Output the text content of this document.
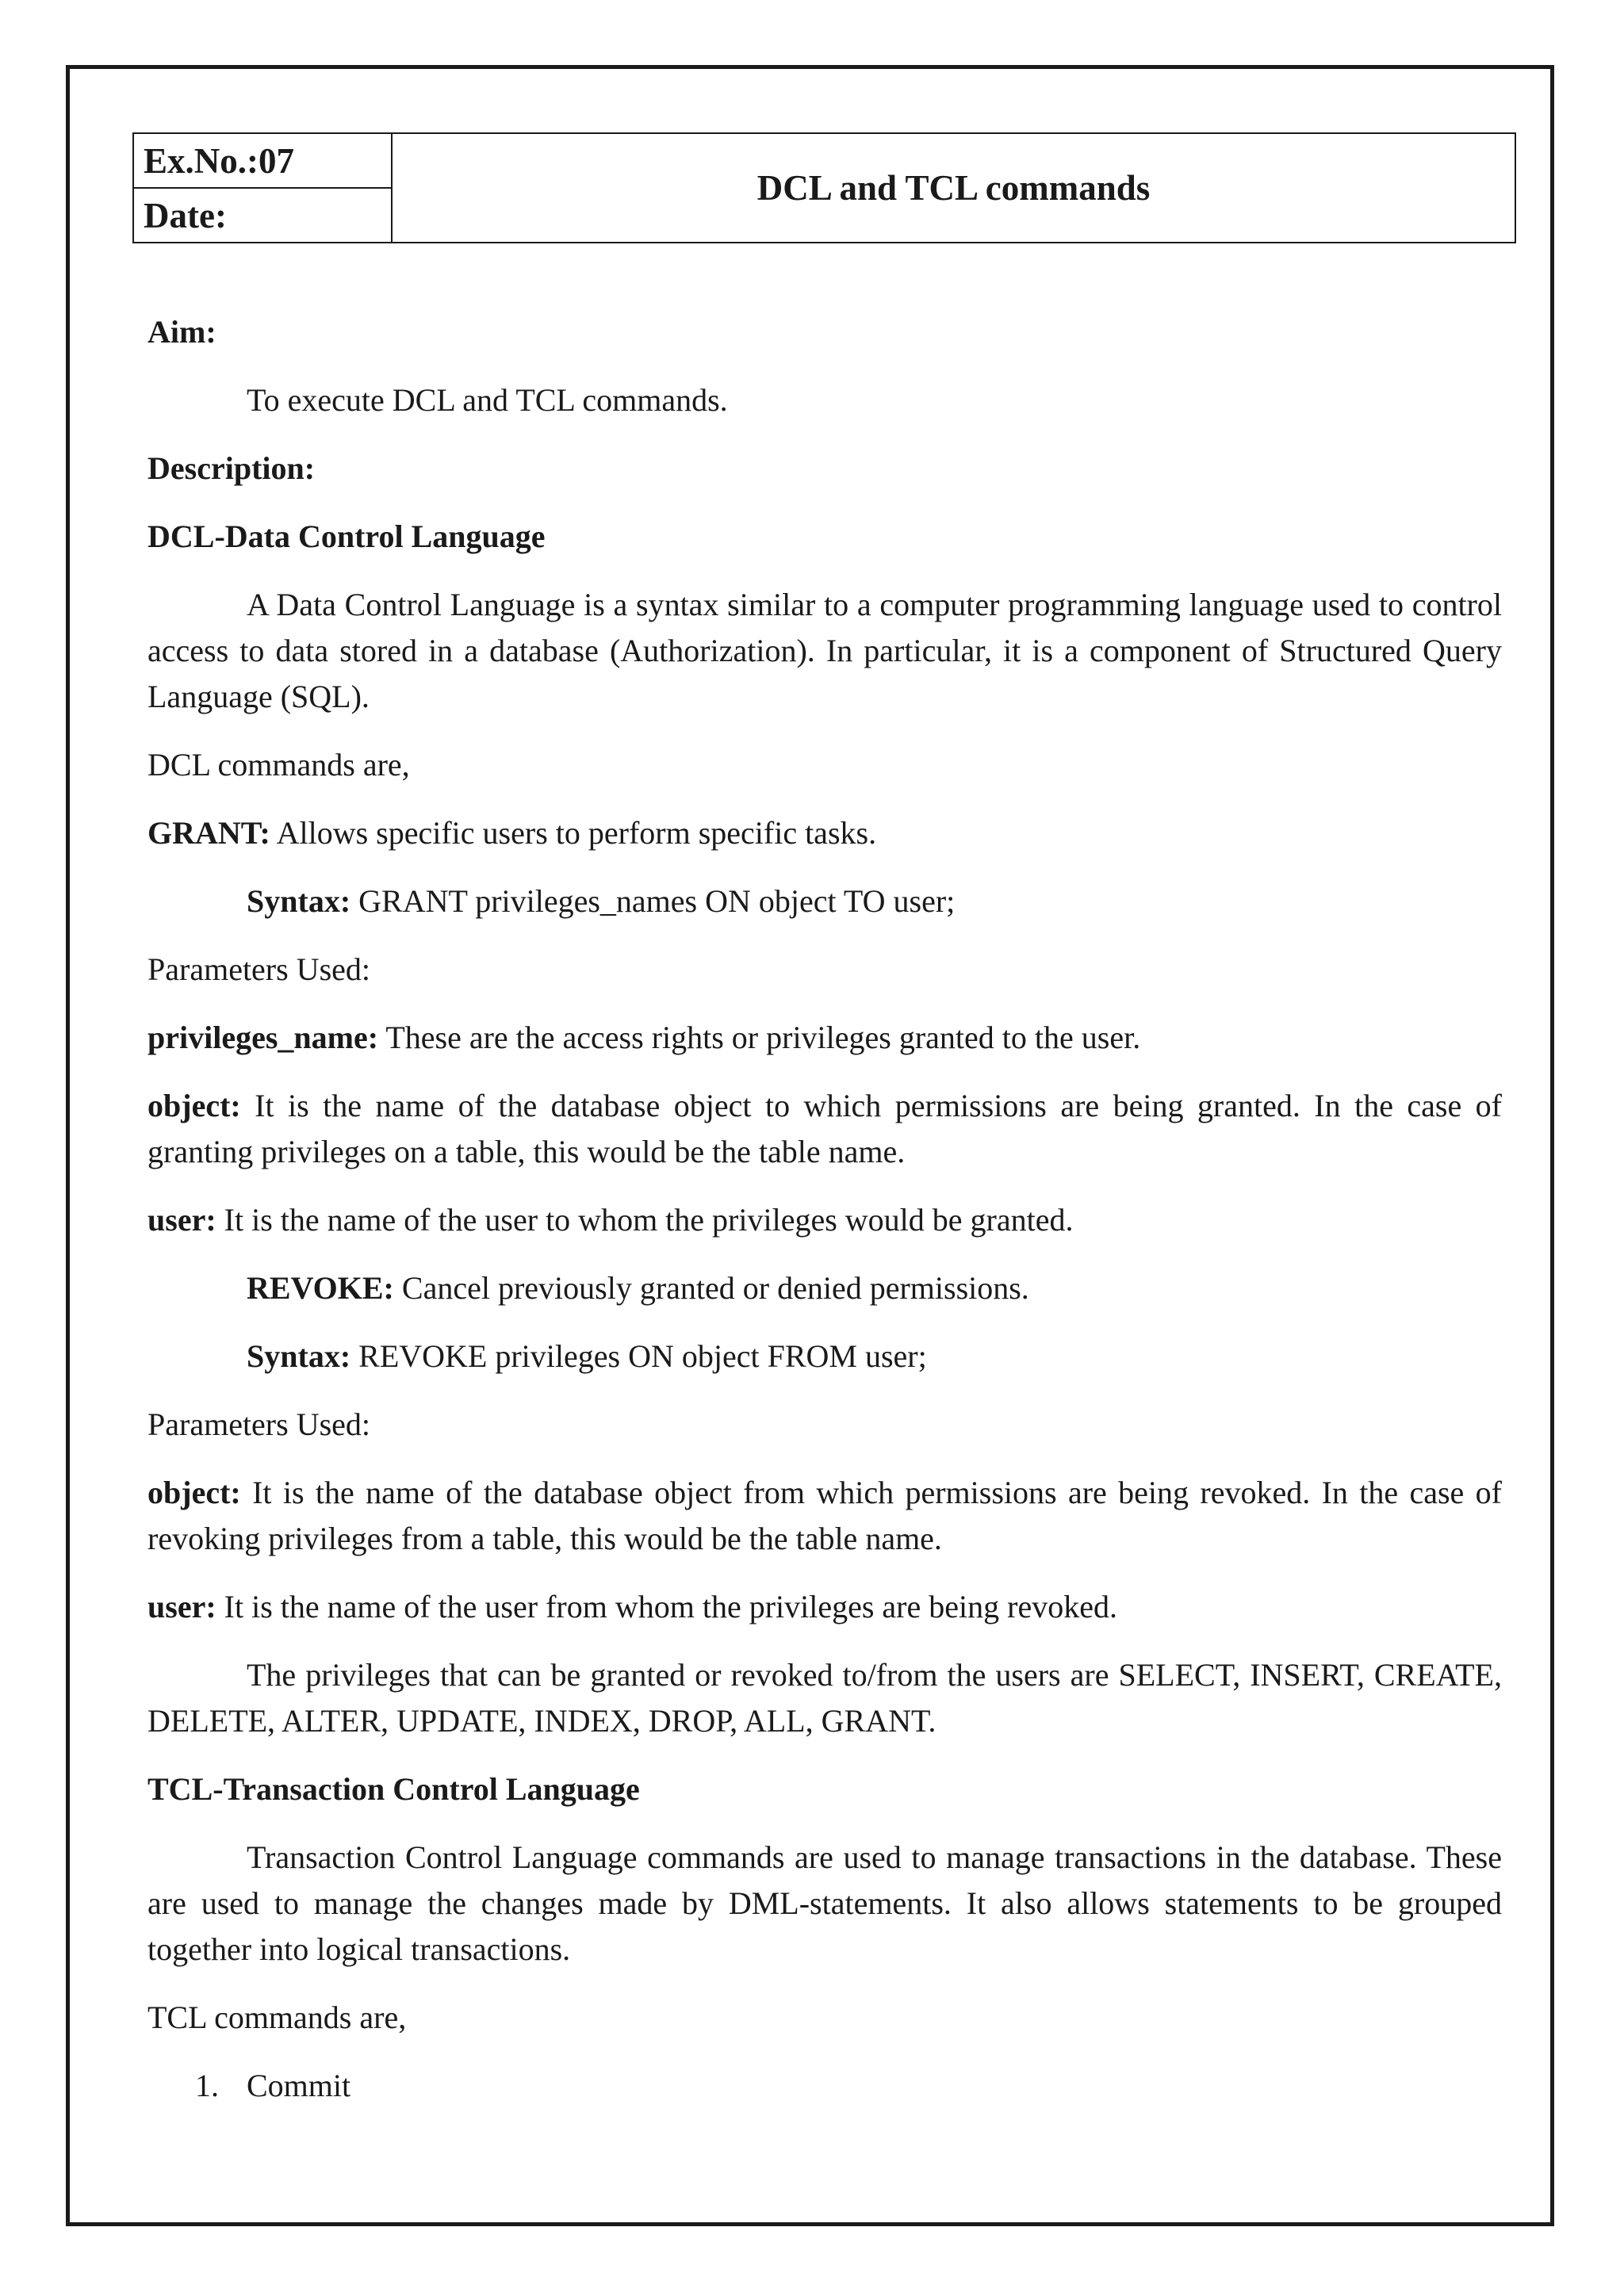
Ex.No.:07	DCL and TCL commands
Date:

Aim:

To execute DCL and TCL commands.

Description:

DCL-Data Control Language

A Data Control Language is a syntax similar to a computer programming language used to control access to data stored in a database (Authorization). In particular, it is a component of Structured Query Language (SQL).

DCL commands are,

GRANT: Allows specific users to perform specific tasks.

Syntax: GRANT privileges_names ON object TO user;

Parameters Used:

privileges_name: These are the access rights or privileges granted to the user.

object: It is the name of the database object to which permissions are being granted. In the case of granting privileges on a table, this would be the table name.

user: It is the name of the user to whom the privileges would be granted.

REVOKE: Cancel previously granted or denied permissions.

Syntax: REVOKE privileges ON object FROM user;

Parameters Used:

object: It is the name of the database object from which permissions are being revoked. In the case of revoking privileges from a table, this would be the table name.

user: It is the name of the user from whom the privileges are being revoked.

The privileges that can be granted or revoked to/from the users are SELECT, INSERT, CREATE, DELETE, ALTER, UPDATE, INDEX, DROP, ALL, GRANT.

TCL-Transaction Control Language

Transaction Control Language commands are used to manage transactions in the database. These are used to manage the changes made by DML-statements. It also allows statements to be grouped together into logical transactions.

TCL commands are,

1. Commit
